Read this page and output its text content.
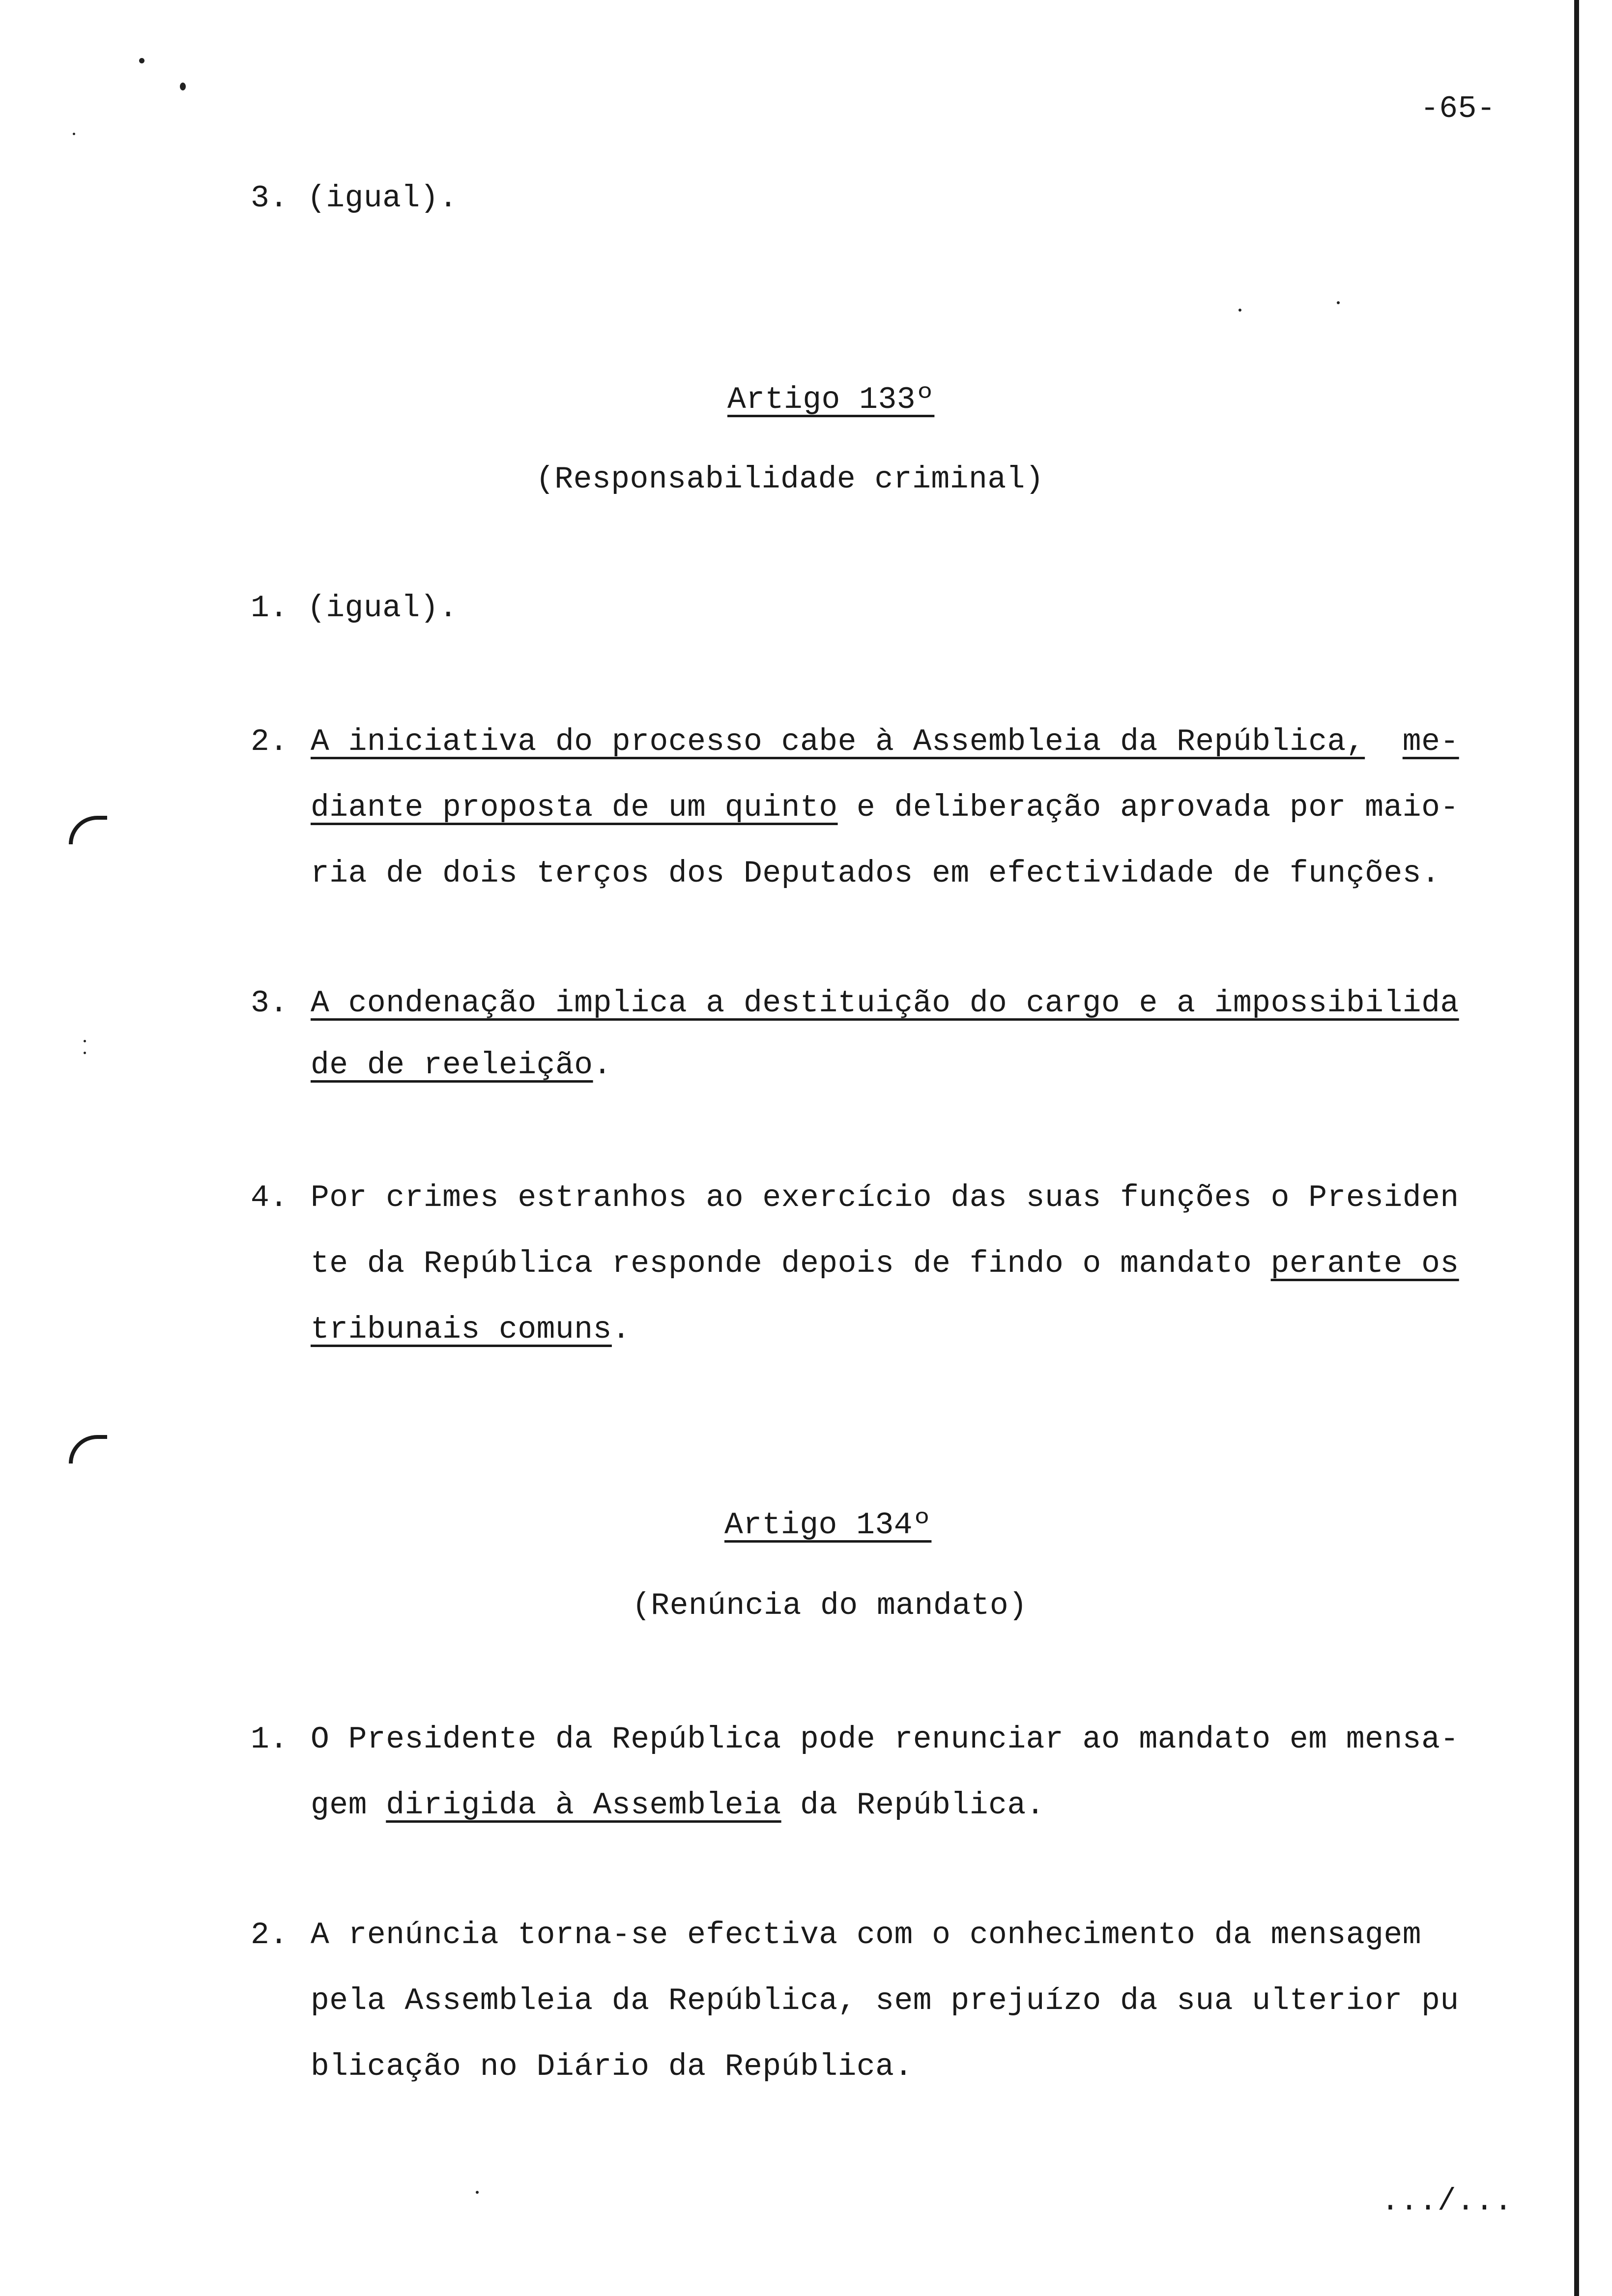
-65-
3. (igual).
Artigo 133º
(Responsabilidade criminal)
1. (igual).
2. A iniciativa do processo cabe à Assembleia da República, me-
diante proposta de um quinto e deliberação aprovada por maio-
ria de dois terços dos Deputados em efectividade de funções.
3. A condenação implica a destituição do cargo e a impossibilida
de de reeleição.
4. Por crimes estranhos ao exercício das suas funções o Presiden
te da República responde depois de findo o mandato perante os
tribunais comuns.
Artigo 134º
(Renúncia do mandato)
1. O Presidente da República pode renunciar ao mandato em mensa-
gem dirigida à Assembleia da República.
2. A renúncia torna-se efectiva com o conhecimento da mensagem
pela Assembleia da República, sem prejuízo da sua ulterior pu
blicação no Diário da República.
.../...
